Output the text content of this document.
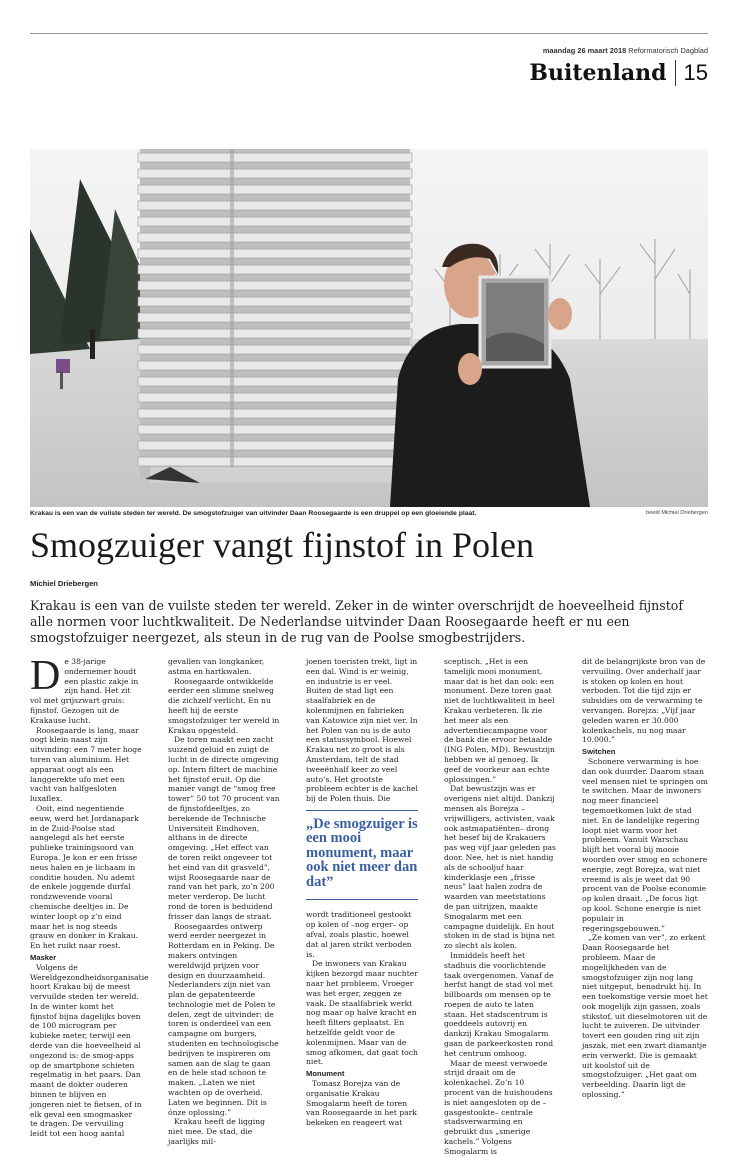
maandag 26 maart 2018 Reformatorisch Dagblad
Buitenland 15
Krakau is een van de vuilste steden ter wereld. De smogstofzuiger van uitvinder Daan Roosegaarde is een druppel op een gloeiende plaat.	beeld Michiel Driebergen
Smogzuiger vangt fijnstof in Polen
Michiel Driebergen
Krakau is een van de vuilste steden ter wereld. Zeker in de winter overschrijdt de hoeveelheid fijnstof alle normen voor luchtkwaliteit. De Nederlandse uitvinder Daan Roosegaarde heeft er nu een smogstofzuiger neergezet, als steun in de rug van de Poolse smogbestrijders.

De 38-jarige ondernemer houdt een plastic zakje in zijn hand. Het zit vol met grijszwart gruis: fijnstof. Gezogen uit de Krakause lucht.

Roosegaarde is lang, maar oogt klein naast zijn uitvinding: een 7 meter hoge toren van aluminium. Het apparaat oogt als een langgerekte ufo met een vacht van halfgesloten luxaflex.

Ooit, eind negentiende eeuw, werd het Jordanapark in de Zuid-Poolse stad aangelegd als het eerste publieke trainingsoord van Europa. Je kon er een frisse neus halen en je lichaam in conditie houden. Nu ademt de enkele joggende durfal rondzwevende vooral chemische deeltjes in. De winter loopt op z’n eind maar het is nog steeds grauw en donker in Krakau. En het ruikt naar roest.

Masker

Volgens de Wereldgezondheidsorganisatie hoort Krakau bij de meest vervuilde steden ter wereld. In de winter komt het fijnstof bijna dagelijks boven de 100 microgram per kubieke meter, terwijl een derde van die hoeveelheid al ongezond is: de smog-apps op de smartphone schieten regelmatig in het paars. Dan maant de dokter ouderen binnen te blijven en jongeren niet te fietsen, of in elk geval een smogmasker te dragen. De vervuiling leidt tot een hoog aantal

gevallen van longkanker, astma en hartkwalen.

Roosegaarde ontwikkelde eerder een slimme snelweg die zichzelf verlicht. En nu heeft hij de eerste smogstofzuiger ter wereld in Krakau opgesteld.

De toren maakt een zacht suizend geluid en zuigt de lucht in de directe omgeving op. Intern filtert de machine het fijnstof eruit. Op die manier vangt de “smog free tower” 50 tot 70 procent van de fijnstofdeeltjes, zo berekende de Technische Universiteit Eindhoven, althans in de directe omgeving. „Het effect van de toren reikt ongeveer tot het eind van dit grasveld”, wijst Roosegaarde naar de rand van het park, zo’n 200 meter verderop. De lucht rond de toren is beduidend frisser dan langs de straat.

Roosegaardes ontwerp werd eerder neergezet in Rotterdam en in Peking. De makers ontvingen wereldwijd prijzen voor design en duurzaamheid. Nederlanders zijn niet van plan de gepatenteerde technologie met de Polen te delen, zegt de uitvinder: de toren is onderdeel van een campagne om burgers, studenten en technologische bedrijven te inspireren om samen aan de slag te gaan en de hele stad schoon te maken. „Laten we niet wachten op de overheid. Laten we beginnen. Dit is ónze oplossing.”

Krakau heeft de ligging niet mee. De stad, die jaarlijks mil-

joenen toeristen trekt, ligt in een dal. Wind is er weinig, en industrie is er veel. Buiten de stad ligt een staalfabriek en de kolenmijnen en fabrieken van Katowice zijn niet ver. In het Polen van nu is de auto een statussymbool. Hoewel Krakau net zo groot is als Amsterdam, telt de stad tweeënhalf keer zo veel auto’s. Het grootste probleem echter is de kachel bij de Polen thuis. Die

„De smogzuiger is een mooi monument, maar ook niet meer dan dat”

wordt traditioneel gestookt op kolen of –nog erger– op afval, zoals plastic, hoewel dat al jaren strikt verboden is.

De inwoners van Krakau kijken bezorgd maar nuchter naar het probleem. Vroeger was het erger, zeggen ze vaak. De staalfabriek werkt nog maar op halve kracht en heeft filters geplaatst. En hetzelfde geldt voor de kolenmijnen. Maar van de smog afkomen, dat gaat toch niet.

Monument

Tomasz Borejza van de organisatie Krakau Smogalarm heeft de toren van Roosegaarde in het park bekeken en reageert wat

sceptisch. „Het is een tamelijk mooi monument, maar dat is het dan ook: een monument. Deze toren gaat niet de luchtkwaliteit in heel Krakau verbeteren. Ik zie het meer als een advertentiecampagne voor de bank die ervoor betaalde (ING Polen, MD). Bewustzijn hebben we al genoeg. Ik geef de voorkeur aan echte oplossingen.”

Dat bewustzijn was er overigens niet altijd. Dankzij mensen als Borejza –vrijwilligers, activisten, vaak ook astmapatiënten– drong het besef bij de Krakauers pas weg vijf jaar geleden pas door. Nee, het is niet handig als de schooljuf haar kinderklasje een „frisse neus” laat halen zodra de waarden van meetstations de pan uitrijzen, maakte Smogalarm met een campagne duidelijk. En hout stoken in de stad is bijna net zo slecht als kolen.

Inmiddels heeft het stadhuis die voorlichtende taak overgenomen. Vanaf de herfst hangt de stad vol met billboards om mensen op te roepen de auto te laten staan. Het stadscentrum is goeddeels autovrij en dankzij Krakau Smogalarm gaan de parkeerkosten rond het centrum omhoog.

Maar de meest verwoede strijd draait om de kolenkachel. Zo’n 10 procent van de huishoudens is niet aangesloten op de –gasgestookte– centrale stadsverwarming en gebruikt dus „smerige kachels.” Volgens Smogalarm is

dit de belangrijkste bron van de vervuiling. Over anderhalf jaar is stoken op kolen en hout verboden. Tot die tijd zijn er subsidies om de verwarming te vervangen. Borejza: „Vijf jaar geleden waren er 30.000 kolenkachels, nu nog maar 10.000.”

Switchen

Schonere verwarming is hoe dan ook duurder. Daarom staan veel mensen niet te springen om te switchen. Maar de inwoners nog meer financieel tegemoetkomen lukt de stad niet. En de landelijke regering loopt niet warm voor het probleem. Vanuit Warschau blijft het vooral bij mooie woorden over smog en schonere energie, zegt Borejza, wat niet vreemd is als je weet dat 90 procent van de Poolse economie op kolen draait. „De focus ligt op kool. Schone energie is niet populair in regeringsgebouwen.”

„Ze komen van ver”, zo erkent Daan Roosegaarde het probleem. Maar de mogelijkheden van de smogstofzuiger zijn nog lang niet uitgeput, benadrukt hij. In een toekomstige versie moet het ook mogelijk zijn gassen, zoals stikstof, uit dieselmotoren uit de lucht te zuiveren. De uitvinder tovert een gouden ring uit zijn jaszak, met een zwart diamantje erin verwerkt. Die is gemaakt uit koolstof uit de smogstofzuiger. „Het gaat om verbeelding. Daarin ligt de oplossing.”
